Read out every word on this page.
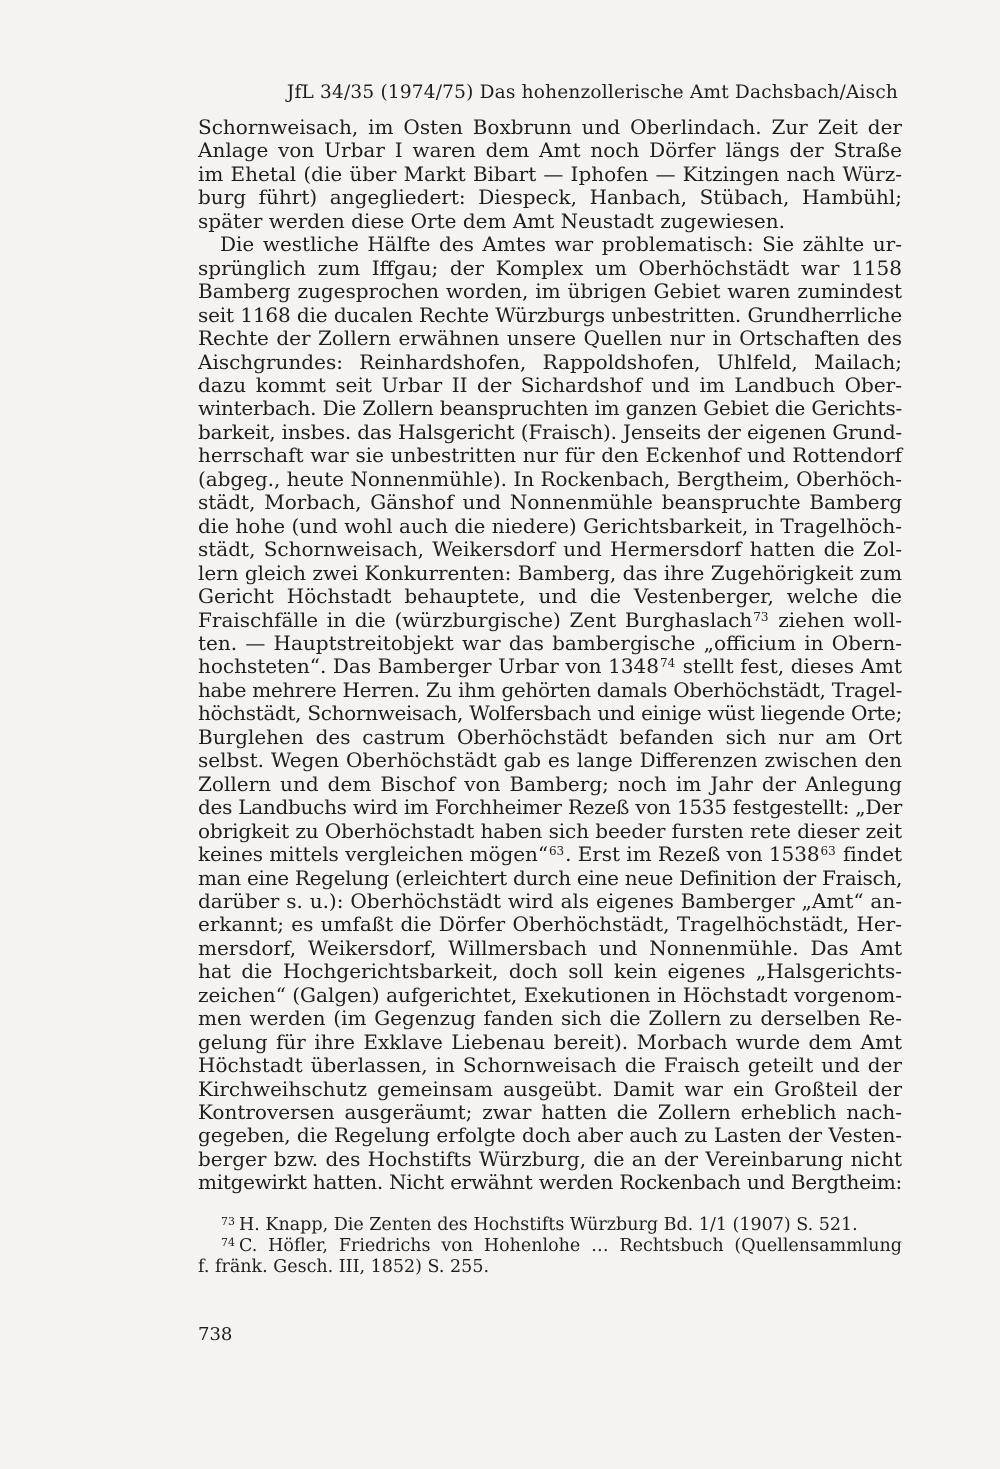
JfL 34/35 (1974/75) Das hohenzollerische Amt Dachsbach/Aisch
Schornweisach, im Osten Boxbrunn und Oberlindach. Zur Zeit der
Anlage von Urbar I waren dem Amt noch Dörfer längs der Straße
im Ehetal (die über Markt Bibart — Iphofen — Kitzingen nach Würz-
burg führt) angegliedert: Diespeck, Hanbach, Stübach, Hambühl;
später werden diese Orte dem Amt Neustadt zugewiesen.
Die westliche Hälfte des Amtes war problematisch: Sie zählte ur-
sprünglich zum Iffgau; der Komplex um Oberhöchstädt war 1158
Bamberg zugesprochen worden, im übrigen Gebiet waren zumindest
seit 1168 die ducalen Rechte Würzburgs unbestritten. Grundherrliche
Rechte der Zollern erwähnen unsere Quellen nur in Ortschaften des
Aischgrundes: Reinhardshofen, Rappoldshofen, Uhlfeld, Mailach;
dazu kommt seit Urbar II der Sichardshof und im Landbuch Ober-
winterbach. Die Zollern beanspruchten im ganzen Gebiet die Gerichts-
barkeit, insbes. das Halsgericht (Fraisch). Jenseits der eigenen Grund-
herrschaft war sie unbestritten nur für den Eckenhof und Rottendorf
(abgeg., heute Nonnenmühle). In Rockenbach, Bergtheim, Oberhöch-
städt, Morbach, Gänshof und Nonnenmühle beanspruchte Bamberg
die hohe (und wohl auch die niedere) Gerichtsbarkeit, in Tragelhöch-
städt, Schornweisach, Weikersdorf und Hermersdorf hatten die Zol-
lern gleich zwei Konkurrenten: Bamberg, das ihre Zugehörigkeit zum
Gericht Höchstadt behauptete, und die Vestenberger, welche die
Fraischfälle in die (würzburgische) Zent Burghaslach$^{73}$ ziehen woll-
ten. — Hauptstreitobjekt war das bambergische „officium in Obern-
hochsteten“. Das Bamberger Urbar von 1348$^{74}$ stellt fest, dieses Amt
habe mehrere Herren. Zu ihm gehörten damals Oberhöchstädt, Tragel-
höchstädt, Schornweisach, Wolfersbach und einige wüst liegende Orte;
Burglehen des castrum Oberhöchstädt befanden sich nur am Ort
selbst. Wegen Oberhöchstädt gab es lange Differenzen zwischen den
Zollern und dem Bischof von Bamberg; noch im Jahr der Anlegung
des Landbuchs wird im Forchheimer Rezeß von 1535 festgestellt: „Der
obrigkeit zu Oberhöchstadt haben sich beeder fursten rete dieser zeit
keines mittels vergleichen mögen“$^{63}$. Erst im Rezeß von 1538$^{63}$ findet
man eine Regelung (erleichtert durch eine neue Definition der Fraisch,
darüber s. u.): Oberhöchstädt wird als eigenes Bamberger „Amt“ an-
erkannt; es umfaßt die Dörfer Oberhöchstädt, Tragelhöchstädt, Her-
mersdorf, Weikersdorf, Willmersbach und Nonnenmühle. Das Amt
hat die Hochgerichtsbarkeit, doch soll kein eigenes „Halsgerichts-
zeichen“ (Galgen) aufgerichtet, Exekutionen in Höchstadt vorgenom-
men werden (im Gegenzug fanden sich die Zollern zu derselben Re-
gelung für ihre Exklave Liebenau bereit). Morbach wurde dem Amt
Höchstadt überlassen, in Schornweisach die Fraisch geteilt und der
Kirchweihschutz gemeinsam ausgeübt. Damit war ein Großteil der
Kontroversen ausgeräumt; zwar hatten die Zollern erheblich nach-
gegeben, die Regelung erfolgte doch aber auch zu Lasten der Vesten-
berger bzw. des Hochstifts Würzburg, die an der Vereinbarung nicht
mitgewirkt hatten. Nicht erwähnt werden Rockenbach und Bergtheim:
$^{73}$ H. Knapp, Die Zenten des Hochstifts Würzburg Bd. 1/1 (1907) S. 521.
$^{74}$ C. Höfler, Friedrichs von Hohenlohe … Rechtsbuch (Quellensammlung
f. fränk. Gesch. III, 1852) S. 255.
738
